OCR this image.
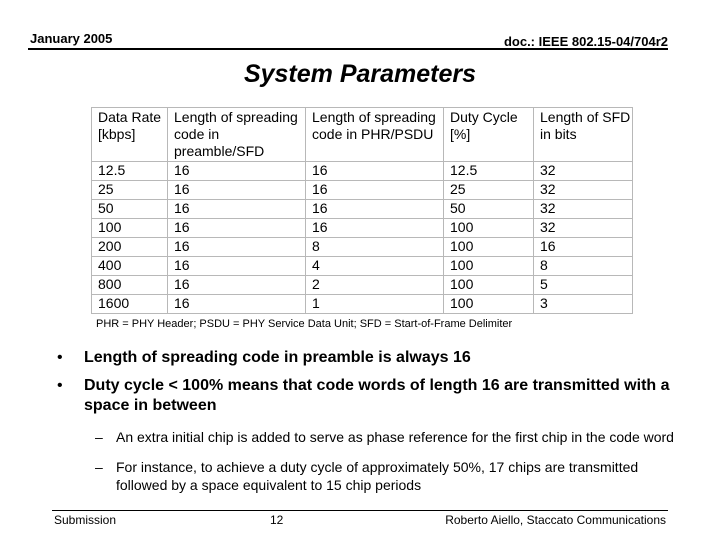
January 2005	doc.: IEEE 802.15-04/704r2
System Parameters
Data Rate [kbps]	Length of spreading code in preamble/SFD	Length of spreading code in PHR/PSDU	Duty Cycle [%]	Length of SFD in bits
12.5	16	16	12.5	32
25	16	16	25	32
50	16	16	50	32
100	16	16	100	32
200	16	8	100	16
400	16	4	100	8
800	16	2	100	5
1600	16	1	100	3
PHR = PHY Header; PSDU = PHY Service Data Unit; SFD = Start-of-Frame Delimiter
• Length of spreading code in preamble is always 16
• Duty cycle < 100% means that code words of length 16 are transmitted with a space in between
– An extra initial chip is added to serve as phase reference for the first chip in the code word
– For instance, to achieve a duty cycle of approximately 50%, 17 chips are transmitted followed by a space equivalent to 15 chip periods
Submission	12	Roberto Aiello, Staccato Communications
